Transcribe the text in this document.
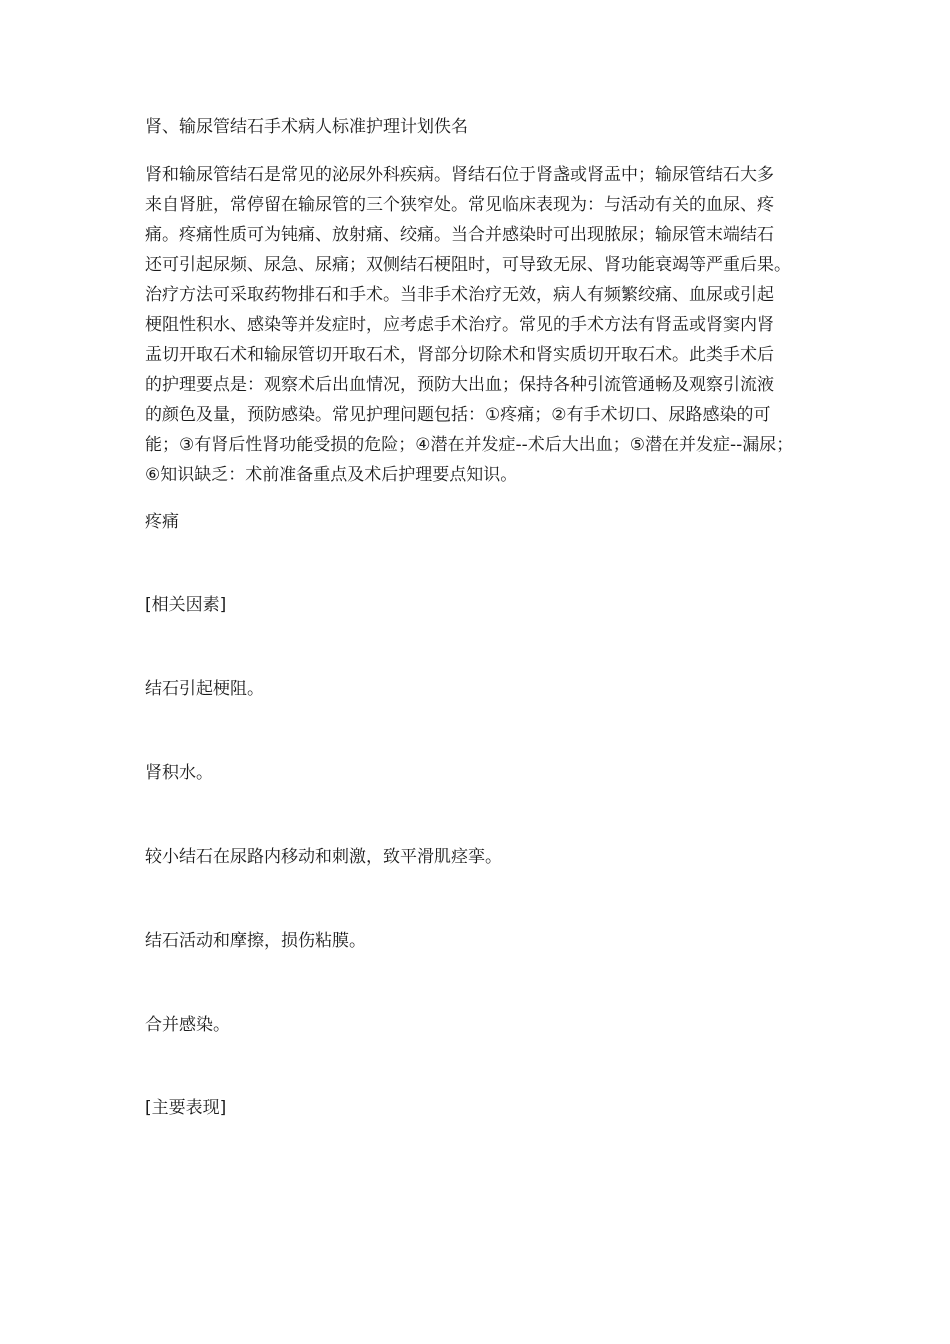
肾、输尿管结石手术病人标准护理计划佚名
肾和输尿管结石是常见的泌尿外科疾病。肾结石位于肾盏或肾盂中；输尿管结石大多
来自肾脏，常停留在输尿管的三个狭窄处。常见临床表现为：与活动有关的血尿、疼
痛。疼痛性质可为钝痛、放射痛、绞痛。当合并感染时可出现脓尿；输尿管末端结石
还可引起尿频、尿急、尿痛；双侧结石梗阻时，可导致无尿、肾功能衰竭等严重后果。
治疗方法可采取药物排石和手术。当非手术治疗无效，病人有频繁绞痛、血尿或引起
梗阻性积水、感染等并发症时，应考虑手术治疗。常见的手术方法有肾盂或肾窦内肾
盂切开取石术和输尿管切开取石术，肾部分切除术和肾实质切开取石术。此类手术后
的护理要点是：观察术后出血情况，预防大出血；保持各种引流管通畅及观察引流液
的颜色及量，预防感染。常见护理问题包括：①疼痛；②有手术切口、尿路感染的可
能；③有肾后性肾功能受损的危险；④潜在并发症--术后大出血；⑤潜在并发症--漏尿；
⑥知识缺乏：术前准备重点及术后护理要点知识。
疼痛
[相关因素]
结石引起梗阻。
肾积水。
较小结石在尿路内移动和刺激，致平滑肌痉挛。
结石活动和摩擦，损伤粘膜。
合并感染。
[主要表现]
